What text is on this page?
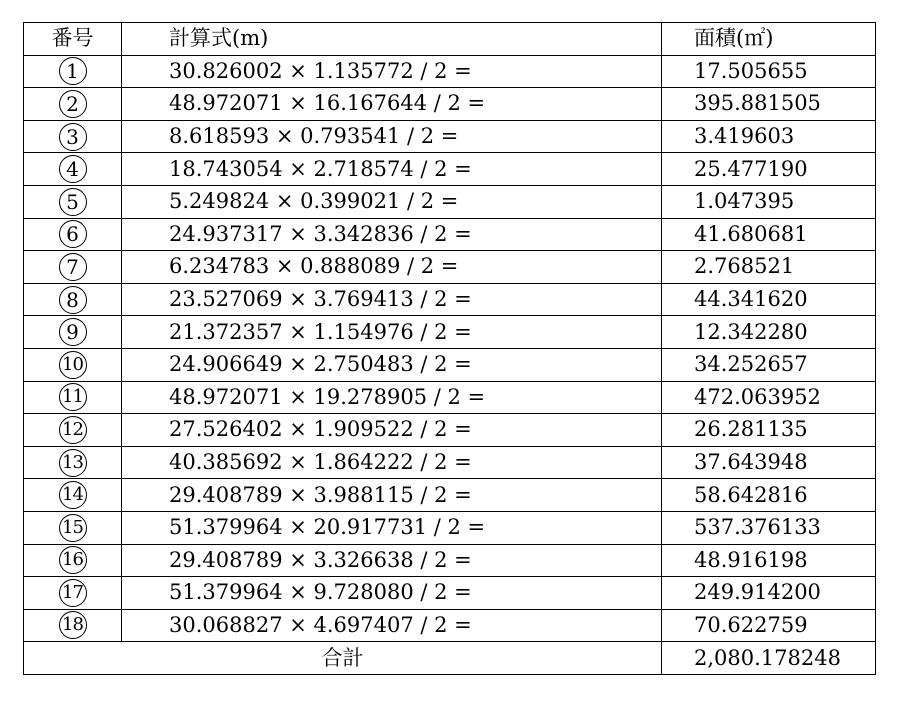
番号	計算式(m)	面積(㎡)
1	30.826002 × 1.135772 / 2 =	17.505655
2	48.972071 × 16.167644 / 2 =	395.881505
3	8.618593 × 0.793541 / 2 =	3.419603
4	18.743054 × 2.718574 / 2 =	25.477190
5	5.249824 × 0.399021 / 2 =	1.047395
6	24.937317 × 3.342836 / 2 =	41.680681
7	6.234783 × 0.888089 / 2 =	2.768521
8	23.527069 × 3.769413 / 2 =	44.341620
9	21.372357 × 1.154976 / 2 =	12.342280
10	24.906649 × 2.750483 / 2 =	34.252657
11	48.972071 × 19.278905 / 2 =	472.063952
12	27.526402 × 1.909522 / 2 =	26.281135
13	40.385692 × 1.864222 / 2 =	37.643948
14	29.408789 × 3.988115 / 2 =	58.642816
15	51.379964 × 20.917731 / 2 =	537.376133
16	29.408789 × 3.326638 / 2 =	48.916198
17	51.379964 × 9.728080 / 2 =	249.914200
18	30.068827 × 4.697407 / 2 =	70.622759
合計		2,080.178248
